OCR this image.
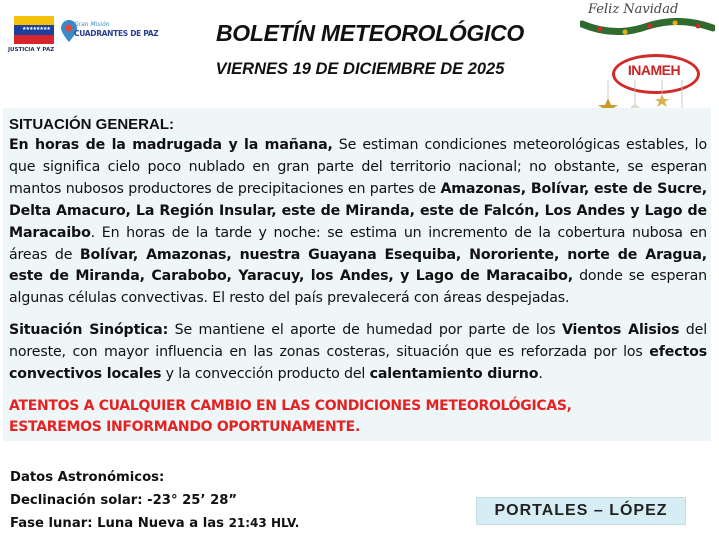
★★★★★★★★
JUSTICIA Y PAZ
Gran Misión
CUADRANTES DE PAZ	BOLETÍN METEOROLÓGICO
VIERNES 19 DE DICIEMBRE DE 2025
Feliz Navidad
INAMEH
SITUACIÓN GENERAL:
En horas de la madrugada y la mañana, Se estiman condiciones meteorológicas estables, lo que significa cielo poco nublado en gran parte del territorio nacional; no obstante, se esperan mantos nubosos productores de precipitaciones en partes de Amazonas, Bolívar, este de Sucre, Delta Amacuro, La Región Insular, este de Miranda, este de Falcón, Los Andes y Lago de Maracaibo. En horas de la tarde y noche: se estima un incremento de la cobertura nubosa en áreas de Bolívar, Amazonas, nuestra Guayana Esequiba, Nororiente, norte de Aragua, este de Miranda, Carabobo, Yaracuy, los Andes, y Lago de Maracaibo, donde se esperan algunas células convectivas. El resto del país prevalecerá con áreas despejadas.
Situación Sinóptica: Se mantiene el aporte de humedad por parte de los Vientos Alisios del noreste, con mayor influencia en las zonas costeras, situación que es reforzada por los efectos convectivos locales y la convección producto del calentamiento diurno.
ATENTOS A CUALQUIER CAMBIO EN LAS CONDICIONES METEOROLÓGICAS,
ESTAREMOS INFORMANDO OPORTUNAMENTE.
Datos Astronómicos:
Declinación solar: -23° 25’ 28”
Fase lunar: Luna Nueva a las 21:43 HLV.
PORTALES – LÓPEZ
